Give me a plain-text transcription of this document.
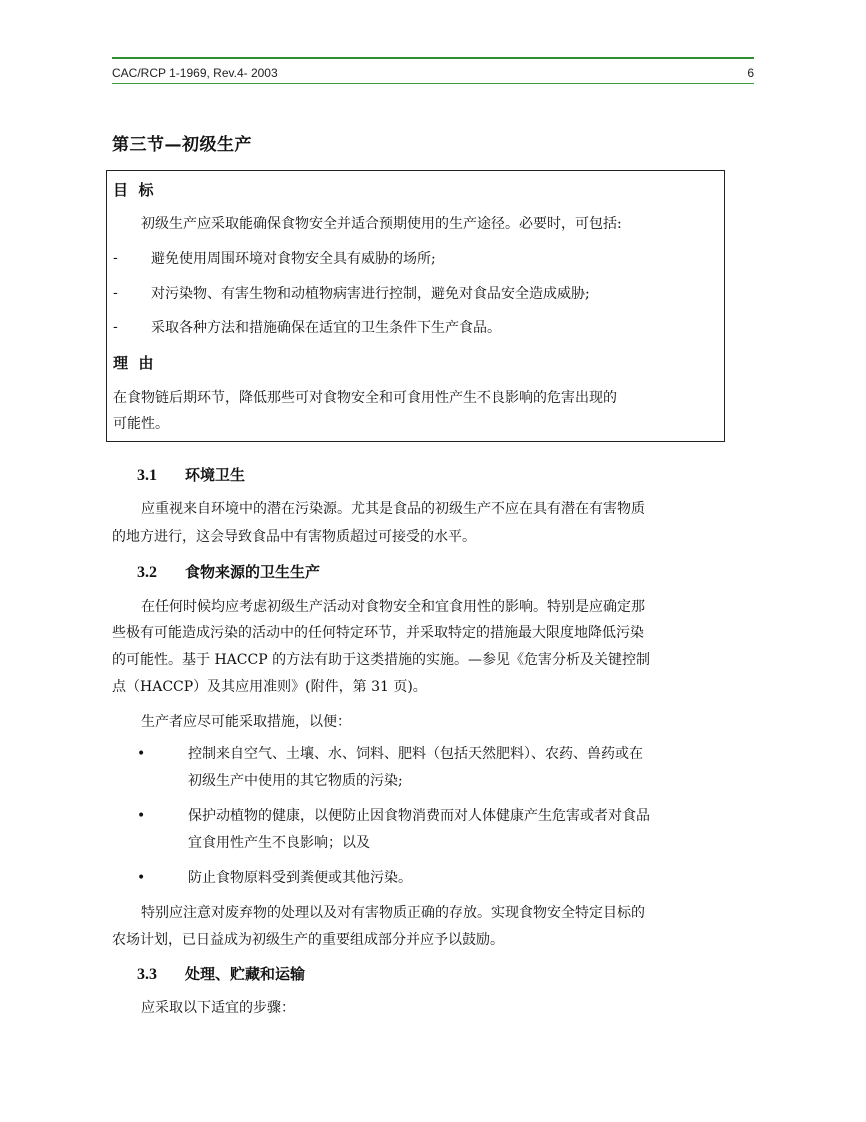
CAC/RCP 1-1969, Rev.4- 2003	6
第三节—初级生产
目  标
初级生产应采取能确保食物安全并适合预期使用的生产途径。必要时，可包括:
- 避免使用周围环境对食物安全具有威胁的场所;
- 对污染物、有害生物和动植物病害进行控制，避免对食品安全造成威胁;
- 采取各种方法和措施确保在适宜的卫生条件下生产食品。
理  由
在食物链后期环节，降低那些可对食物安全和可食用性产生不良影响的危害出现的
可能性。
3.1 环境卫生
应重视来自环境中的潜在污染源。尤其是食品的初级生产不应在具有潜在有害物质
的地方进行，这会导致食品中有害物质超过可接受的水平。
3.2 食物来源的卫生生产
在任何时候均应考虑初级生产活动对食物安全和宜食用性的影响。特别是应确定那
些极有可能造成污染的活动中的任何特定环节，并采取特定的措施最大限度地降低污染
的可能性。基于 HACCP 的方法有助于这类措施的实施。—参见《危害分析及关键控制
点（HACCP）及其应用准则》(附件，第 31 页)。
生产者应尽可能采取措施，以便：
•	控制来自空气、土壤、水、饲料、肥料（包括天然肥料）、农药、兽药或在
初级生产中使用的其它物质的污染;
•	保护动植物的健康，以便防止因食物消费而对人体健康产生危害或者对食品
宜食用性产生不良影响；以及
•	防止食物原料受到粪便或其他污染。
特别应注意对废弃物的处理以及对有害物质正确的存放。实现食物安全特定目标的
农场计划，已日益成为初级生产的重要组成部分并应予以鼓励。
3.3 处理、贮藏和运输
应采取以下适宜的步骤：
